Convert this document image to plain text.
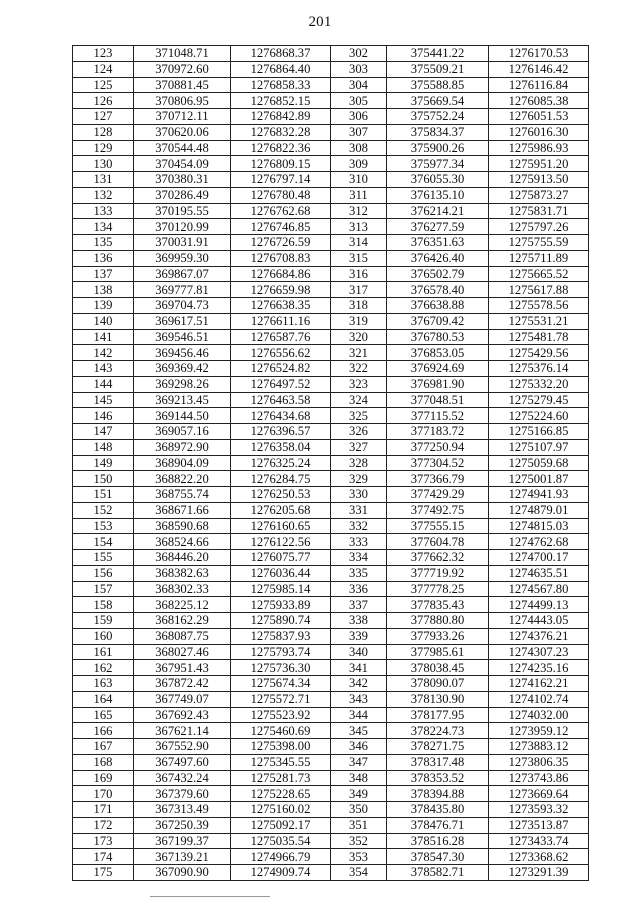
201
123	371048.71	1276868.37	302	375441.22	1276170.53
124	370972.60	1276864.40	303	375509.21	1276146.42
125	370881.45	1276858.33	304	375588.85	1276116.84
126	370806.95	1276852.15	305	375669.54	1276085.38
127	370712.11	1276842.89	306	375752.24	1276051.53
128	370620.06	1276832.28	307	375834.37	1276016.30
129	370544.48	1276822.36	308	375900.26	1275986.93
130	370454.09	1276809.15	309	375977.34	1275951.20
131	370380.31	1276797.14	310	376055.30	1275913.50
132	370286.49	1276780.48	311	376135.10	1275873.27
133	370195.55	1276762.68	312	376214.21	1275831.71
134	370120.99	1276746.85	313	376277.59	1275797.26
135	370031.91	1276726.59	314	376351.63	1275755.59
136	369959.30	1276708.83	315	376426.40	1275711.89
137	369867.07	1276684.86	316	376502.79	1275665.52
138	369777.81	1276659.98	317	376578.40	1275617.88
139	369704.73	1276638.35	318	376638.88	1275578.56
140	369617.51	1276611.16	319	376709.42	1275531.21
141	369546.51	1276587.76	320	376780.53	1275481.78
142	369456.46	1276556.62	321	376853.05	1275429.56
143	369369.42	1276524.82	322	376924.69	1275376.14
144	369298.26	1276497.52	323	376981.90	1275332.20
145	369213.45	1276463.58	324	377048.51	1275279.45
146	369144.50	1276434.68	325	377115.52	1275224.60
147	369057.16	1276396.57	326	377183.72	1275166.85
148	368972.90	1276358.04	327	377250.94	1275107.97
149	368904.09	1276325.24	328	377304.52	1275059.68
150	368822.20	1276284.75	329	377366.79	1275001.87
151	368755.74	1276250.53	330	377429.29	1274941.93
152	368671.66	1276205.68	331	377492.75	1274879.01
153	368590.68	1276160.65	332	377555.15	1274815.03
154	368524.66	1276122.56	333	377604.78	1274762.68
155	368446.20	1276075.77	334	377662.32	1274700.17
156	368382.63	1276036.44	335	377719.92	1274635.51
157	368302.33	1275985.14	336	377778.25	1274567.80
158	368225.12	1275933.89	337	377835.43	1274499.13
159	368162.29	1275890.74	338	377880.80	1274443.05
160	368087.75	1275837.93	339	377933.26	1274376.21
161	368027.46	1275793.74	340	377985.61	1274307.23
162	367951.43	1275736.30	341	378038.45	1274235.16
163	367872.42	1275674.34	342	378090.07	1274162.21
164	367749.07	1275572.71	343	378130.90	1274102.74
165	367692.43	1275523.92	344	378177.95	1274032.00
166	367621.14	1275460.69	345	378224.73	1273959.12
167	367552.90	1275398.00	346	378271.75	1273883.12
168	367497.60	1275345.55	347	378317.48	1273806.35
169	367432.24	1275281.73	348	378353.52	1273743.86
170	367379.60	1275228.65	349	378394.88	1273669.64
171	367313.49	1275160.02	350	378435.80	1273593.32
172	367250.39	1275092.17	351	378476.71	1273513.87
173	367199.37	1275035.54	352	378516.28	1273433.74
174	367139.21	1274966.79	353	378547.30	1273368.62
175	367090.90	1274909.74	354	378582.71	1273291.39
